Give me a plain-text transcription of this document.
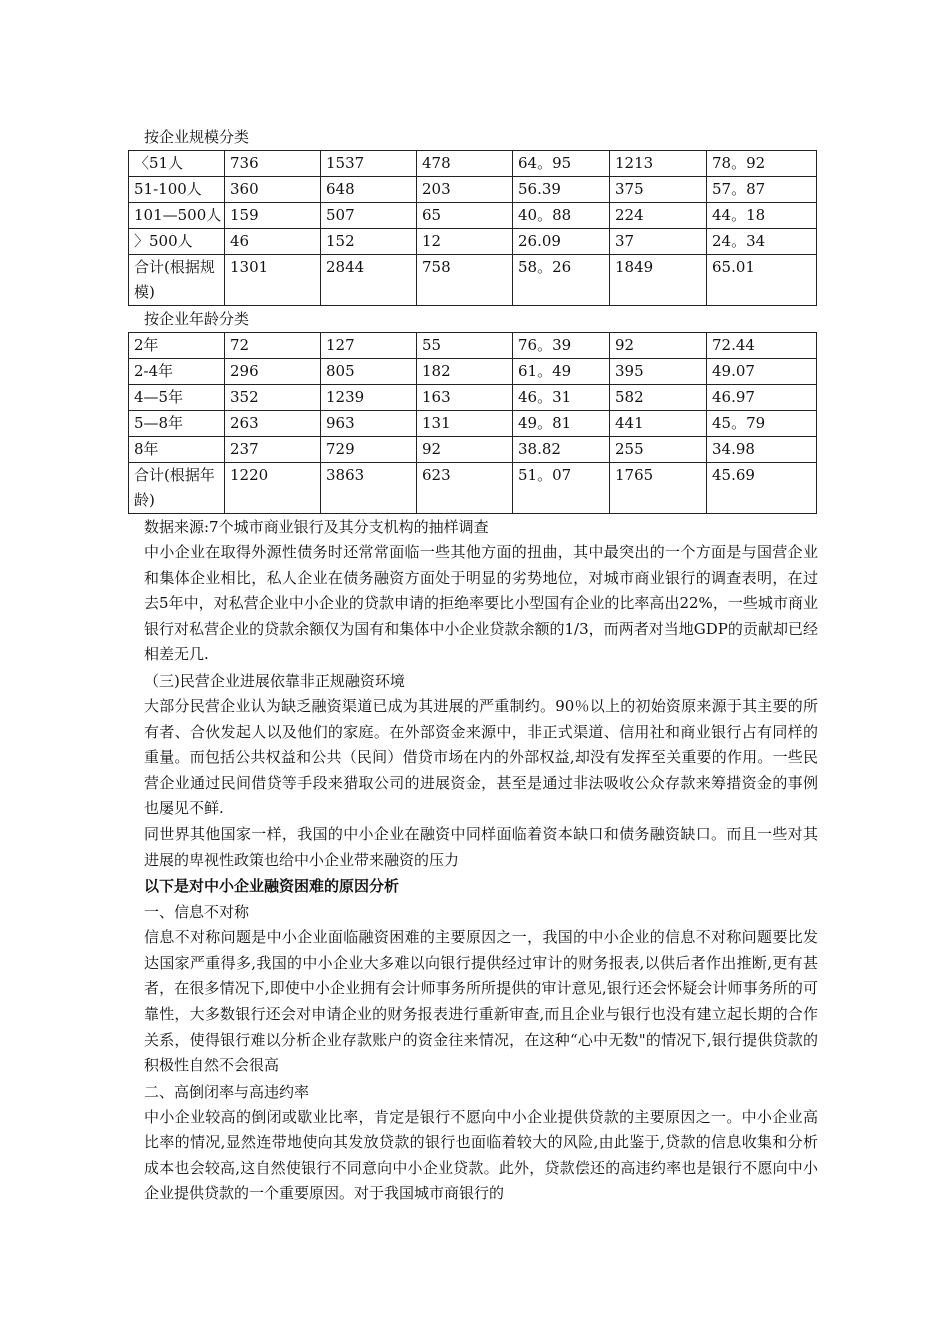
按企业规模分类
〈51人	736	1537	478	64。95	1213	78。92
51-100人	360	648	203	56.39	375	57。87
101—500人	159	507	65	40。88	224	44。18
〉500人	46	152	12	26.09	37	24。34
合计(根据规模)	1301	2844	758	58。26	1849	65.01
按企业年龄分类
2年	72	127	55	76。39	92	72.44
2-4年	296	805	182	61。49	395	49.07
4—5年	352	1239	163	46。31	582	46.97
5—8年	263	963	131	49。81	441	45。79
8年	237	729	92	38.82	255	34.98
合计(根据年龄)	1220	3863	623	51。07	1765	45.69
数据来源:7个城市商业银行及其分支机构的抽样调查

中小企业在取得外源性债务时还常常面临一些其他方面的扭曲，其中最突出的一个方面是与国营企业和集体企业相比，私人企业在债务融资方面处于明显的劣势地位，对城市商业银行的调查表明，在过去5年中，对私营企业中小企业的贷款申请的拒绝率要比小型国有企业的比率高出22%，一些城市商业银行对私营企业的贷款余额仅为国有和集体中小企业贷款余额的1/3，而两者对当地GDP的贡献却已经相差无几.

（三)民营企业进展依靠非正规融资环境

大部分民营企业认为缺乏融资渠道已成为其进展的严重制约。90％以上的初始资原来源于其主要的所有者、合伙发起人以及他们的家庭。在外部资金来源中，非正式渠道、信用社和商业银行占有同样的重量。而包括公共权益和公共（民间）借贷市场在内的外部权益,却没有发挥至关重要的作用。一些民营企业通过民间借贷等手段来猎取公司的进展资金，甚至是通过非法吸收公众存款来筹措资金的事例也屡见不鲜.

同世界其他国家一样，我国的中小企业在融资中同样面临着资本缺口和债务融资缺口。而且一些对其进展的卑视性政策也给中小企业带来融资的压力

以下是对中小企业融资困难的原因分析
一、信息不对称

信息不对称问题是中小企业面临融资困难的主要原因之一，我国的中小企业的信息不对称问题要比发达国家严重得多,我国的中小企业大多难以向银行提供经过审计的财务报表,以供后者作出推断,更有甚者，在很多情况下,即使中小企业拥有会计师事务所所提供的审计意见,银行还会怀疑会计师事务所的可靠性，大多数银行还会对申请企业的财务报表进行重新审查,而且企业与银行也没有建立起长期的合作关系，使得银行难以分析企业存款账户的资金往来情况，在这种“心中无数"的情况下,银行提供贷款的积极性自然不会很高

二、高倒闭率与高违约率

中小企业较高的倒闭或歇业比率，肯定是银行不愿向中小企业提供贷款的主要原因之一。中小企业高比率的情况,显然连带地使向其发放贷款的银行也面临着较大的风险,由此鉴于,贷款的信息收集和分析成本也会较高,这自然使银行不同意向中小企业贷款。此外，贷款偿还的高违约率也是银行不愿向中小企业提供贷款的一个重要原因。对于我国城市商银行的
